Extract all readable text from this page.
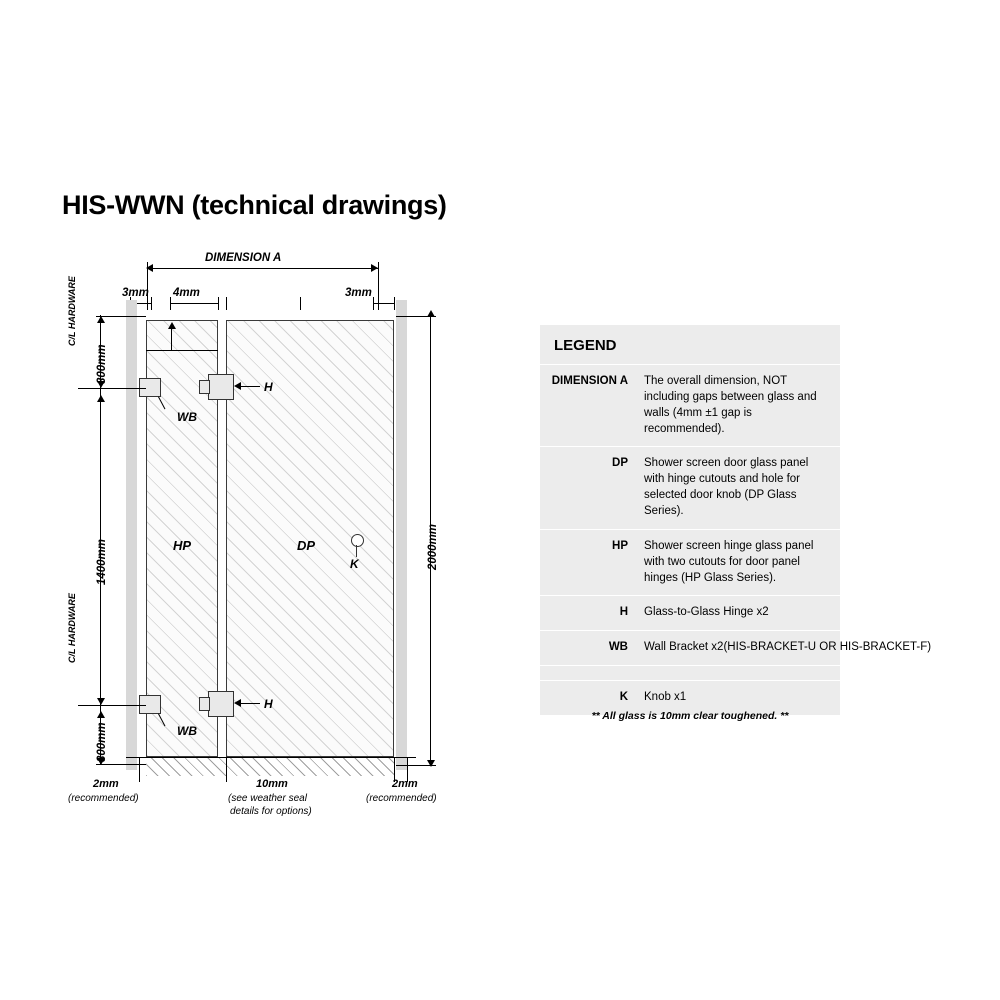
HIS-WWN (technical drawings)
DIMENSION A
3mm 4mm	3mm
HP	DP
H
H
WB
WB
K
300mm
1400mm
300mm
C/L HARDWARE
C/L HARDWARE
2000mm
2mm
(recommended)
10mm
(see weather seal
details for options)
2mm
(recommended)
LEGEND
DIMENSION A	The overall dimension, NOT including gaps between glass and walls (4mm ±1 gap is recommended).
DP	Shower screen door glass panel with hinge cutouts and hole for selected door knob (DP Glass Series).
HP	Shower screen hinge glass panel with two cutouts for door panel hinges (HP Glass Series).
H	Glass-to-Glass Hinge x2
WB	Wall Bracket x2(HIS-BRACKET-U OR HIS-BRACKET-F)
K	Knob x1
** All glass is 10mm clear toughened. **
